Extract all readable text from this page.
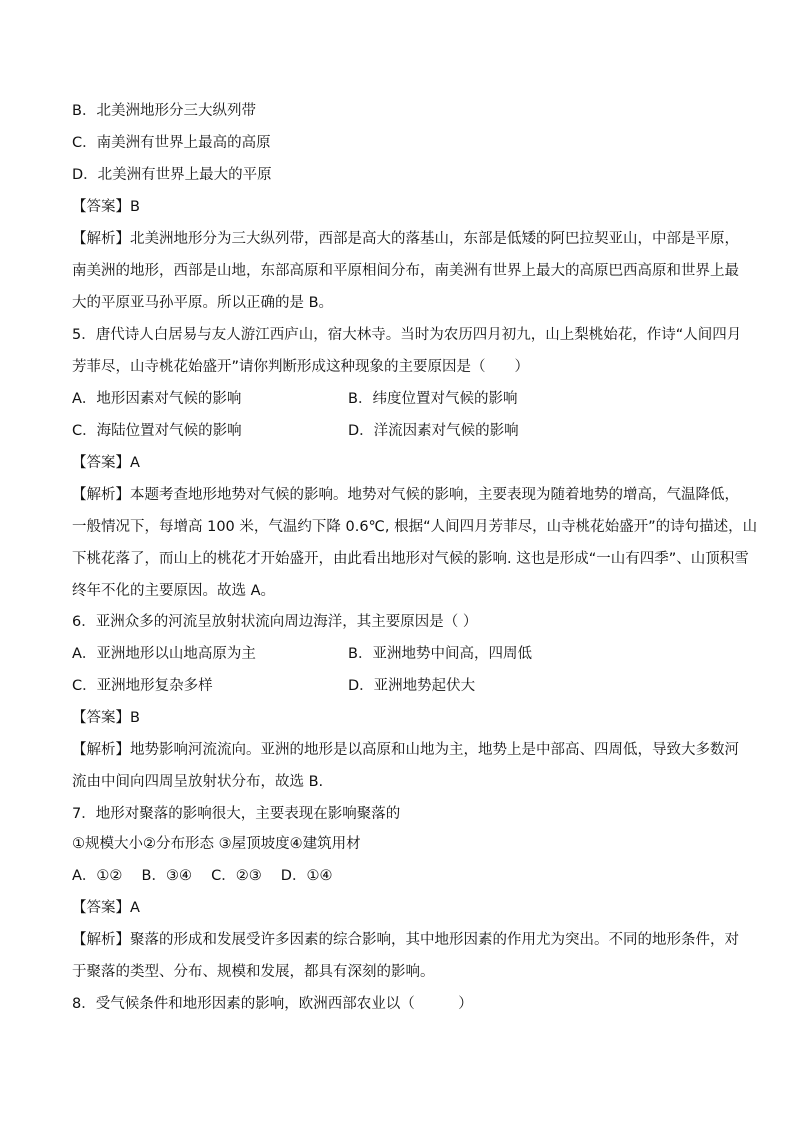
B．北美洲地形分三大纵列带
C．南美洲有世界上最高的高原
D．北美洲有世界上最大的平原
【答案】B
【解析】北美洲地形分为三大纵列带，西部是高大的落基山，东部是低矮的阿巴拉契亚山，中部是平原，
南美洲的地形，西部是山地，东部高原和平原相间分布，南美洲有世界上最大的高原巴西高原和世界上最
大的平原亚马孙平原。所以正确的是 B。
5．唐代诗人白居易与友人游江西庐山，宿大林寺。当时为农历四月初九，山上梨桃始花，作诗“人间四月
芳菲尽，山寺桃花始盛开”请你判断形成这种现象的主要原因是（　　）
A．地形因素对气候的影响	B．纬度位置对气候的影响
C．海陆位置对气候的影响	D．洋流因素对气候的影响
【答案】A
【解析】本题考查地形地势对气候的影响。地势对气候的影响，主要表现为随着地势的增高，气温降低，
一般情况下，每增高 100 米，气温约下降 0.6℃, 根据“人间四月芳菲尽，山寺桃花始盛开”的诗句描述，山
下桃花落了，而山上的桃花才开始盛开，由此看出地形对气候的影响. 这也是形成“一山有四季”、山顶积雪
终年不化的主要原因。故选 A。
6．亚洲众多的河流呈放射状流向周边海洋，其主要原因是（ ）
A．亚洲地形以山地高原为主	B．亚洲地势中间高，四周低
C．亚洲地形复杂多样	D．亚洲地势起伏大
【答案】B
【解析】地势影响河流流向。亚洲的地形是以高原和山地为主，地势上是中部高、四周低，导致大多数河
流由中间向四周呈放射状分布，故选 B.
7．地形对聚落的影响很大，主要表现在影响聚落的
①规模大小②分布形态 ③屋顶坡度④建筑用材
A．①②　 B．③④　 C．②③　 D．①④
【答案】A
【解析】聚落的形成和发展受许多因素的综合影响，其中地形因素的作用尤为突出。不同的地形条件，对
于聚落的类型、分布、规模和发展，都具有深刻的影响。
8．受气候条件和地形因素的影响，欧洲西部农业以（　　　）
